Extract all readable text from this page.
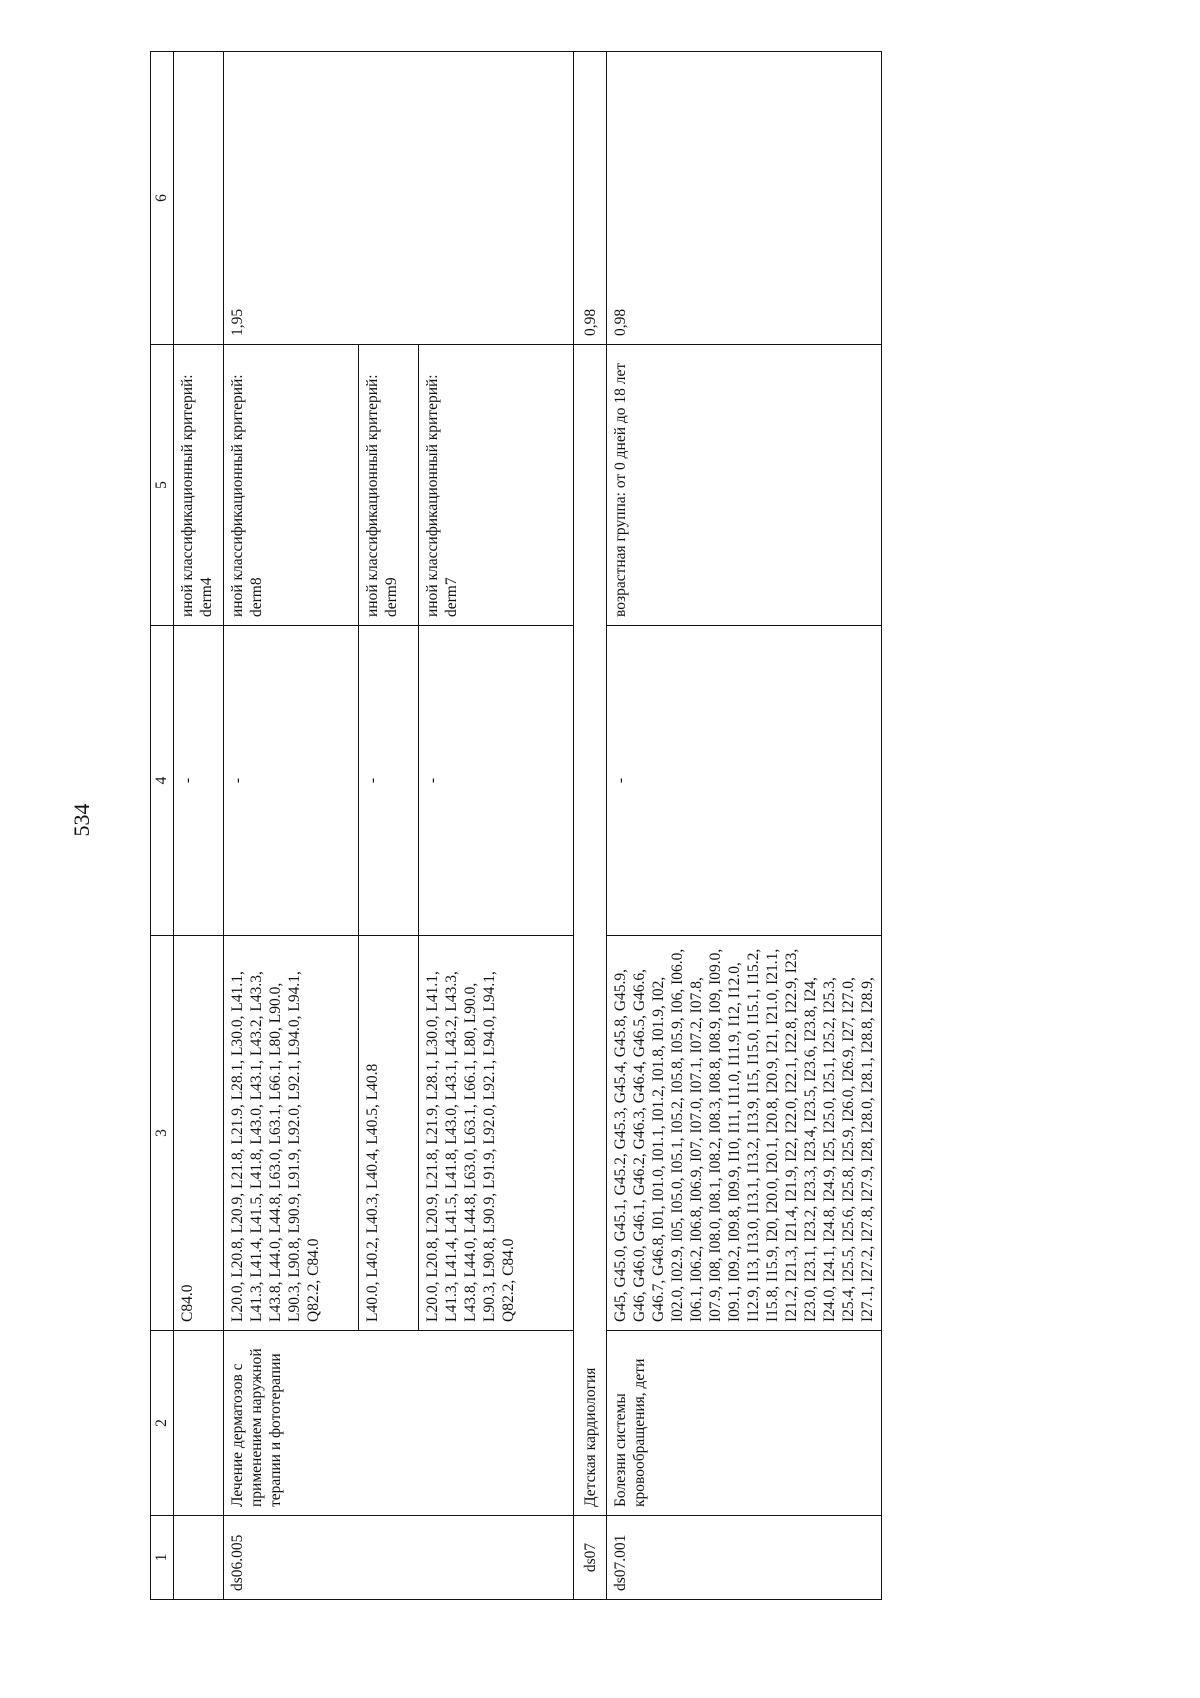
534
1	2	3	4	5	6
		C84.0	-	иной классификационный критерий: derm4	
ds06.005	Лечение дерматозов с применением наружной терапии и фототерапии	L20.0, L20.8, L20.9, L21.8, L21.9, L28.1, L30.0, L41.1, L41.3, L41.4, L41.5, L41.8, L43.0, L43.1, L43.2, L43.3, L43.8, L44.0, L44.8, L63.0, L63.1, L66.1, L80, L90.0, L90.3, L90.8, L90.9, L91.9, L92.0, L92.1, L94.0, L94.1, Q82.2, C84.0	-	иной классификационный критерий: derm8	1,95
		L40.0, L40.2, L40.3, L40.4, L40.5, L40.8	-	иной классификационный критерий: derm9	
		L20.0, L20.8, L20.9, L21.8, L21.9, L28.1, L30.0, L41.1, L41.3, L41.4, L41.5, L41.8, L43.0, L43.1, L43.2, L43.3, L43.8, L44.0, L44.8, L63.0, L63.1, L66.1, L80, L90.0, L90.3, L90.8, L90.9, L91.9, L92.0, L92.1, L94.0, L94.1, Q82.2, C84.0	-	иной классификационный критерий: derm7	
ds07	Детская кардиология				0,98
ds07.001	Болезни системы кровообращения, дети	G45, G45.0, G45.1, G45.2, G45.3, G45.4, G45.8, G45.9, G46, G46.0, G46.1, G46.2, G46.3, G46.4, G46.5, G46.6, G46.7, G46.8, I01, I01.0, I01.1, I01.2, I01.8, I01.9, I02, I02.0, I02.9, I05, I05.0, I05.1, I05.2, I05.8, I05.9, I06, I06.0, I06.1, I06.2, I06.8, I06.9, I07, I07.0, I07.1, I07.2, I07.8, I07.9, I08, I08.0, I08.1, I08.2, I08.3, I08.8, I08.9, I09, I09.0, I09.1, I09.2, I09.8, I09.9, I10, I11, I11.0, I11.9, I12, I12.0, I12.9, I13, I13.0, I13.1, I13.2, I13.9, I15, I15.0, I15.1, I15.2, I15.8, I15.9, I20, I20.0, I20.1, I20.8, I20.9, I21, I21.0, I21.1, I21.2, I21.3, I21.4, I21.9, I22, I22.0, I22.1, I22.8, I22.9, I23, I23.0, I23.1, I23.2, I23.3, I23.4, I23.5, I23.6, I23.8, I24, I24.0, I24.1, I24.8, I24.9, I25, I25.0, I25.1, I25.2, I25.3, I25.4, I25.5, I25.6, I25.8, I25.9, I26.0, I26.9, I27, I27.0, I27.1, I27.2, I27.8, I27.9, I28, I28.0, I28.1, I28.8, I28.9,	-	возрастная группа: от 0 дней до 18 лет	0,98
